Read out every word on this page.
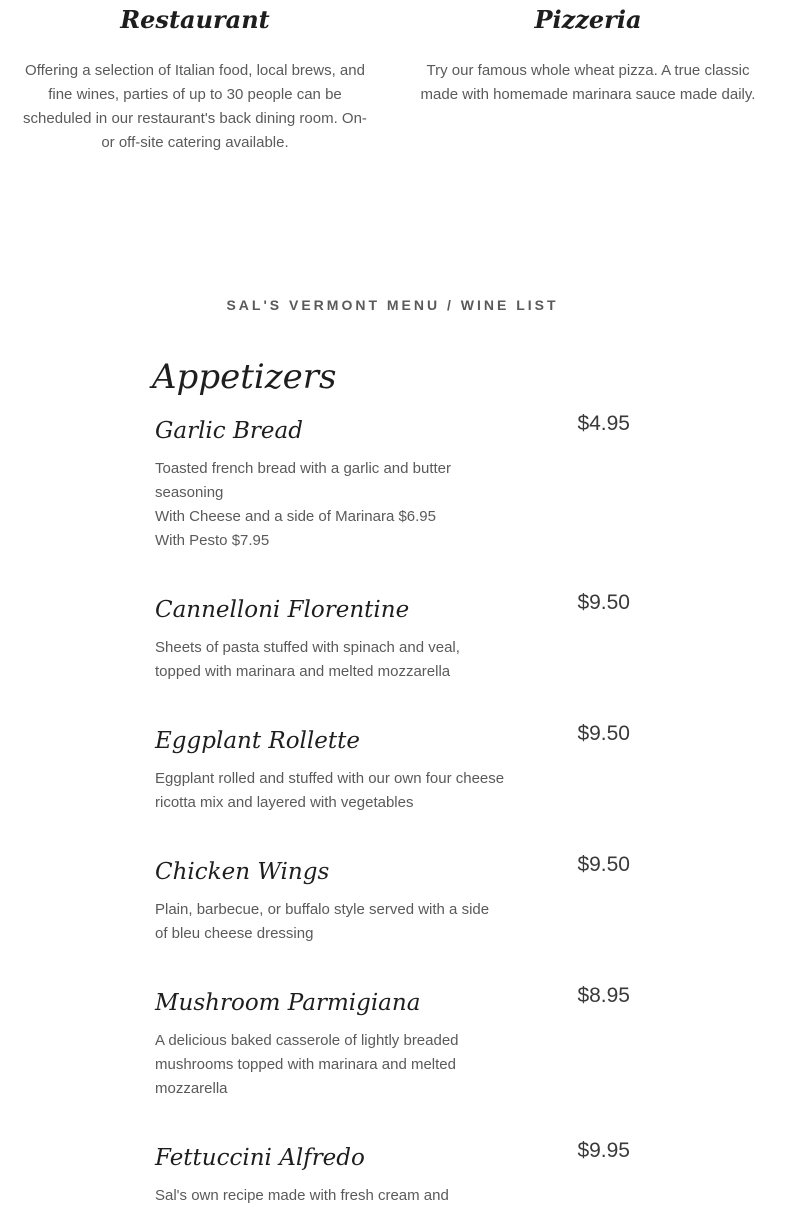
Restaurant
Offering a selection of Italian food, local brews, and fine wines, parties of up to 30 people can be scheduled in our restaurant's back dining room. On- or off-site catering available.
Pizzeria
Try our famous whole wheat pizza. A true classic made with homemade marinara sauce made daily.
SAL'S VERMONT MENU / WINE LIST
Appetizers
Garlic Bread	$4.95
Toasted french bread with a garlic and butter seasoning
With Cheese and a side of Marinara $6.95
With Pesto $7.95
Cannelloni Florentine	$9.50
Sheets of pasta stuffed with spinach and veal, topped with marinara and melted mozzarella
Eggplant Rollette	$9.50
Eggplant rolled and stuffed with our own four cheese ricotta mix and layered with vegetables
Chicken Wings	$9.50
Plain, barbecue, or buffalo style served with a side of bleu cheese dressing
Mushroom Parmigiana	$8.95
A delicious baked casserole of lightly breaded mushrooms topped with marinara and melted mozzarella
Fettuccini Alfredo	$9.95
Sal's own recipe made with fresh cream and
